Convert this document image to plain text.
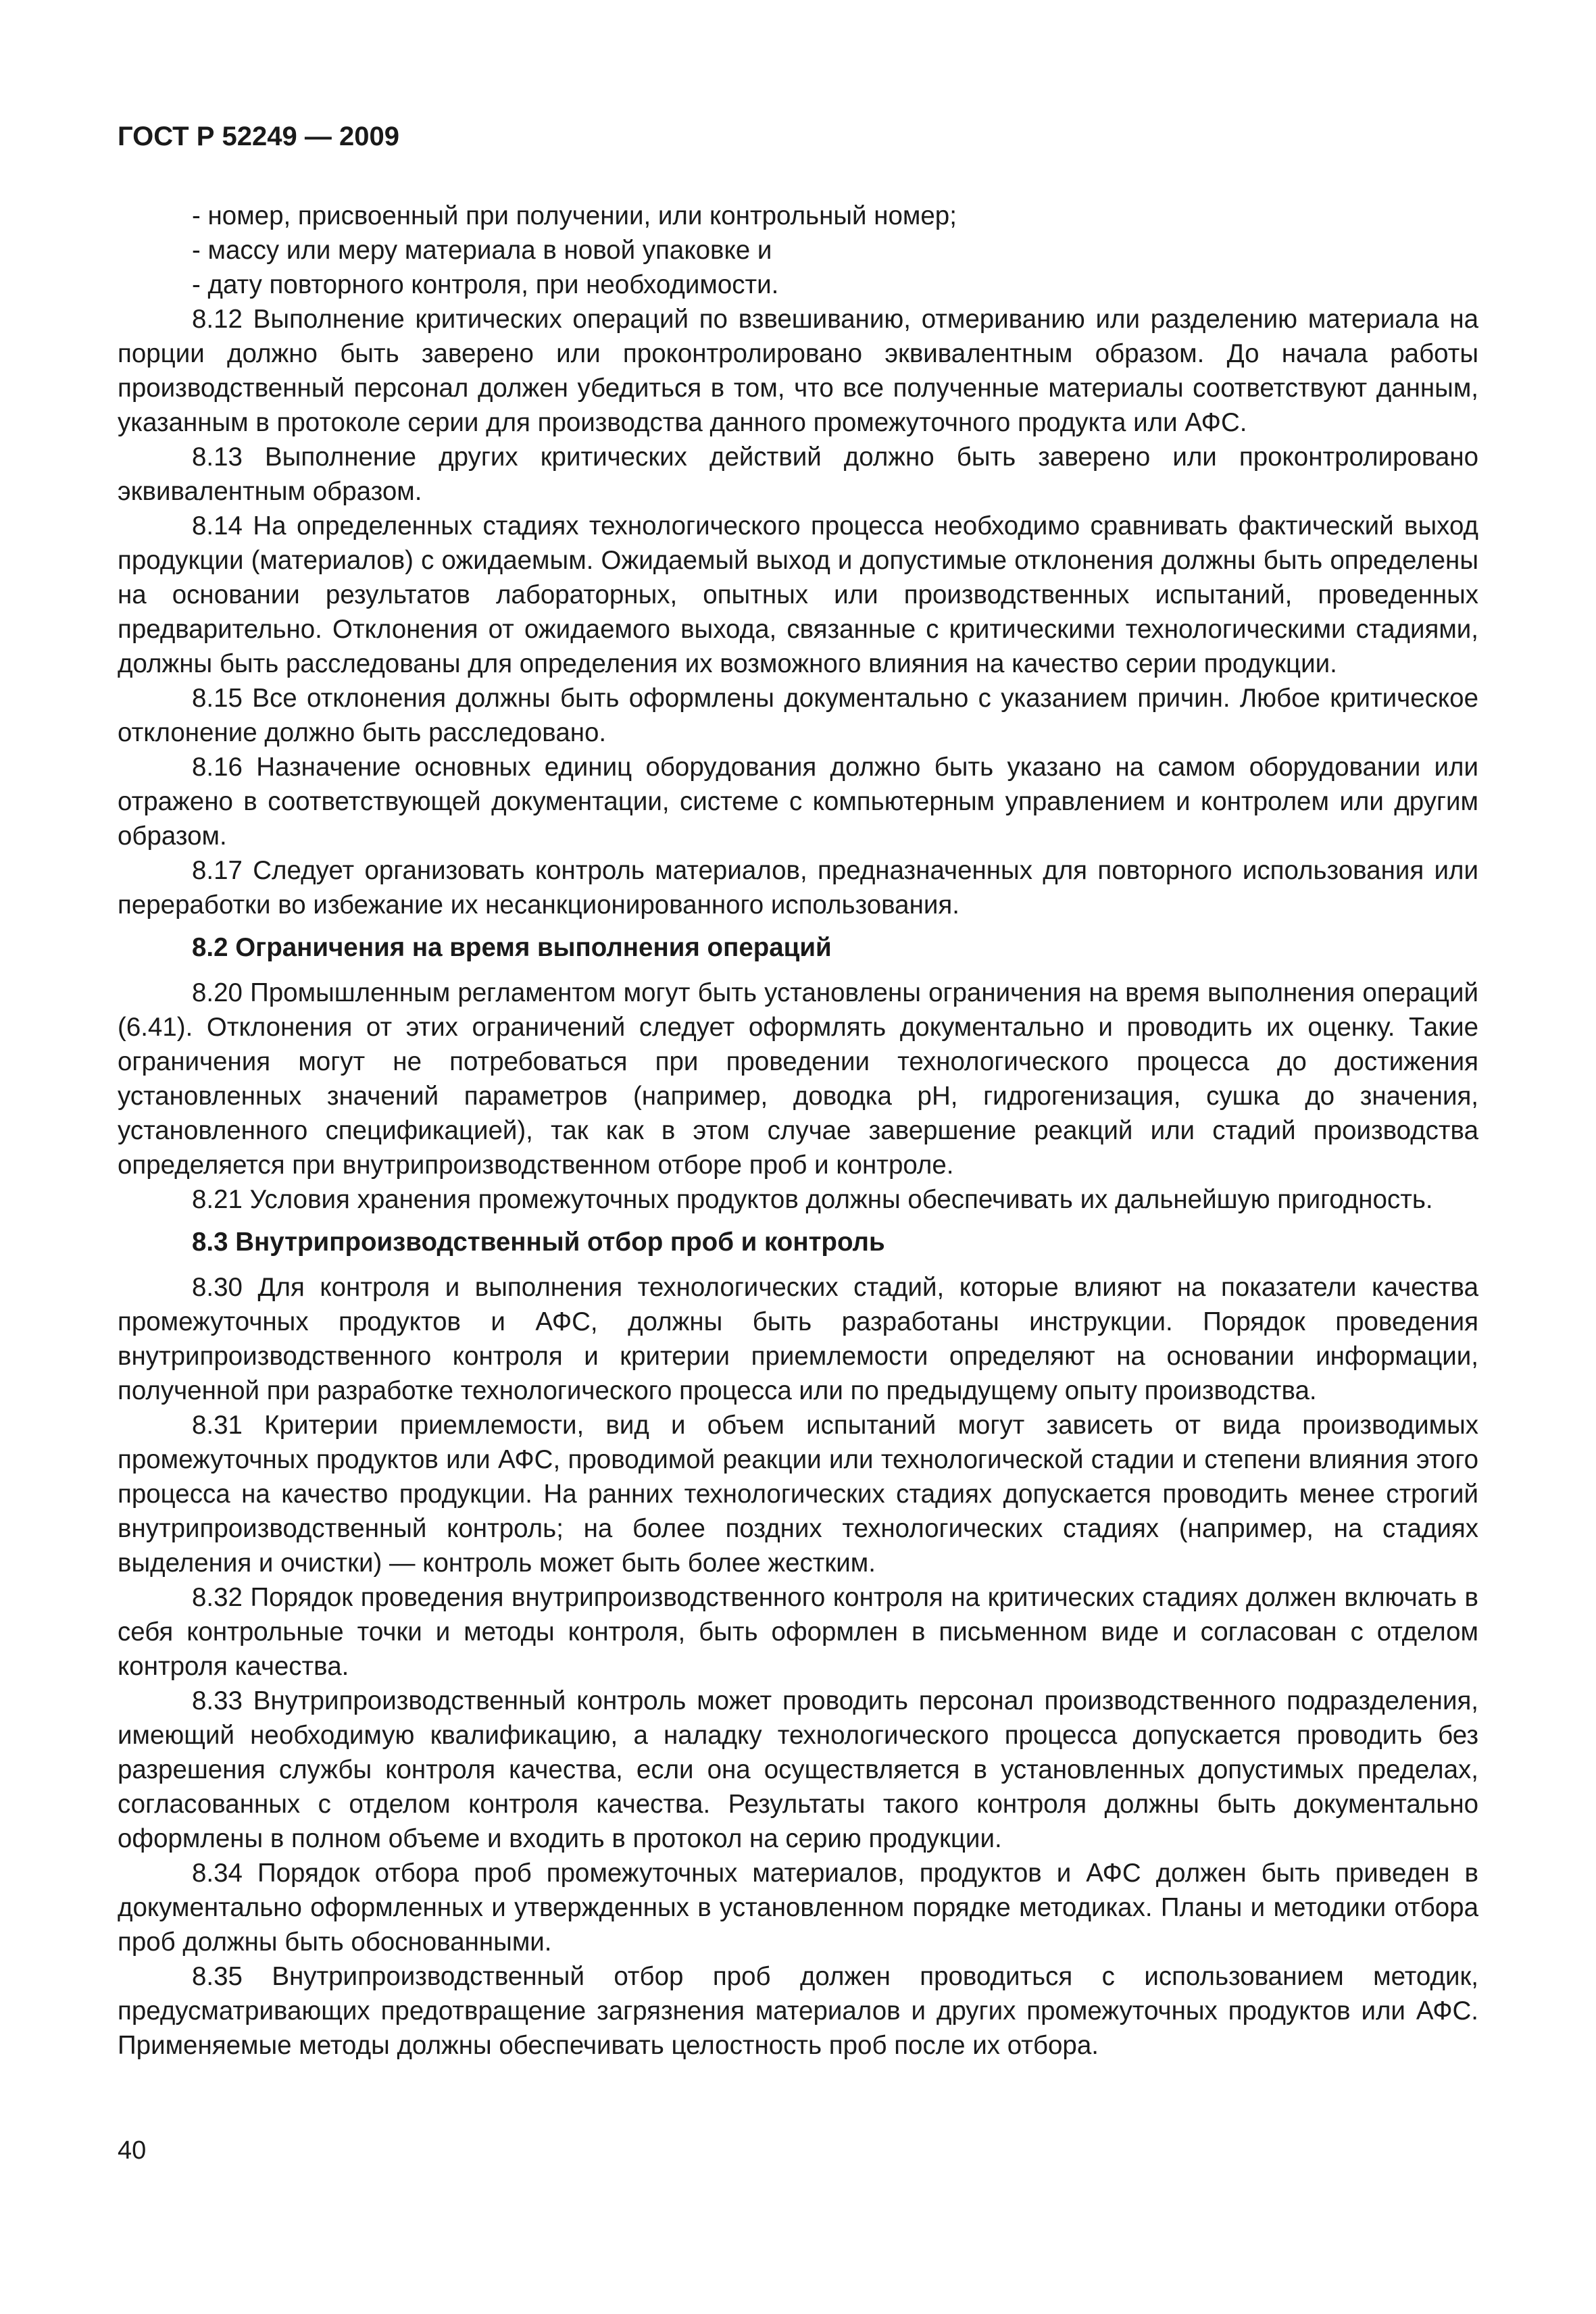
ГОСТ Р 52249 — 2009

- номер, присвоенный при получении, или контрольный номер;

- массу или меру материала в новой упаковке и

- дату повторного контроля, при необходимости.

8.12 Выполнение критических операций по взвешиванию, отмериванию или разделению материала на порции должно быть заверено или проконтролировано эквивалентным образом. До начала работы производственный персонал должен убедиться в том, что все полученные материалы соответствуют данным, указанным в протоколе серии для производства данного промежуточного продукта или АФС.

8.13 Выполнение других критических действий должно быть заверено или проконтролировано эквивалентным образом.

8.14 На определенных стадиях технологического процесса необходимо сравнивать фактический выход продукции (материалов) с ожидаемым. Ожидаемый выход и допустимые отклонения должны быть определены на основании результатов лабораторных, опытных или производственных испытаний, проведенных предварительно. Отклонения от ожидаемого выхода, связанные с критическими технологическими стадиями, должны быть расследованы для определения их возможного влияния на качество серии продукции.

8.15 Все отклонения должны быть оформлены документально с указанием причин. Любое критическое отклонение должно быть расследовано.

8.16 Назначение основных единиц оборудования должно быть указано на самом оборудовании или отражено в соответствующей документации, системе с компьютерным управлением и контролем или другим образом.

8.17 Следует организовать контроль материалов, предназначенных для повторного использования или переработки во избежание их несанкционированного использования.

8.2 Ограничения на время выполнения операций

8.20 Промышленным регламентом могут быть установлены ограничения на время выполнения операций (6.41). Отклонения от этих ограничений следует оформлять документально и проводить их оценку. Такие ограничения могут не потребоваться при проведении технологического процесса до достижения установленных значений параметров (например, доводка pH, гидрогенизация, сушка до значения, установленного спецификацией), так как в этом случае завершение реакций или стадий производства определяется при внутрипроизводственном отборе проб и контроле.

8.21 Условия хранения промежуточных продуктов должны обеспечивать их дальнейшую пригодность.

8.3 Внутрипроизводственный отбор проб и контроль

8.30 Для контроля и выполнения технологических стадий, которые влияют на показатели качества промежуточных продуктов и АФС, должны быть разработаны инструкции. Порядок проведения внутрипроизводственного контроля и критерии приемлемости определяют на основании информации, полученной при разработке технологического процесса или по предыдущему опыту производства.

8.31 Критерии приемлемости, вид и объем испытаний могут зависеть от вида производимых промежуточных продуктов или АФС, проводимой реакции или технологической стадии и степени влияния этого процесса на качество продукции. На ранних технологических стадиях допускается проводить менее строгий внутрипроизводственный контроль; на более поздних технологических стадиях (например, на стадиях выделения и очистки) — контроль может быть более жестким.

8.32 Порядок проведения внутрипроизводственного контроля на критических стадиях должен включать в себя контрольные точки и методы контроля, быть оформлен в письменном виде и согласован с отделом контроля качества.

8.33 Внутрипроизводственный контроль может проводить персонал производственного подразделения, имеющий необходимую квалификацию, а наладку технологического процесса допускается проводить без разрешения службы контроля качества, если она осуществляется в установленных допустимых пределах, согласованных с отделом контроля качества. Результаты такого контроля должны быть документально оформлены в полном объеме и входить в протокол на серию продукции.

8.34 Порядок отбора проб промежуточных материалов, продуктов и АФС должен быть приведен в документально оформленных и утвержденных в установленном порядке методиках. Планы и методики отбора проб должны быть обоснованными.

8.35 Внутрипроизводственный отбор проб должен проводиться с использованием методик, предусматривающих предотвращение загрязнения материалов и других промежуточных продуктов или АФС. Применяемые методы должны обеспечивать целостность проб после их отбора.

40
